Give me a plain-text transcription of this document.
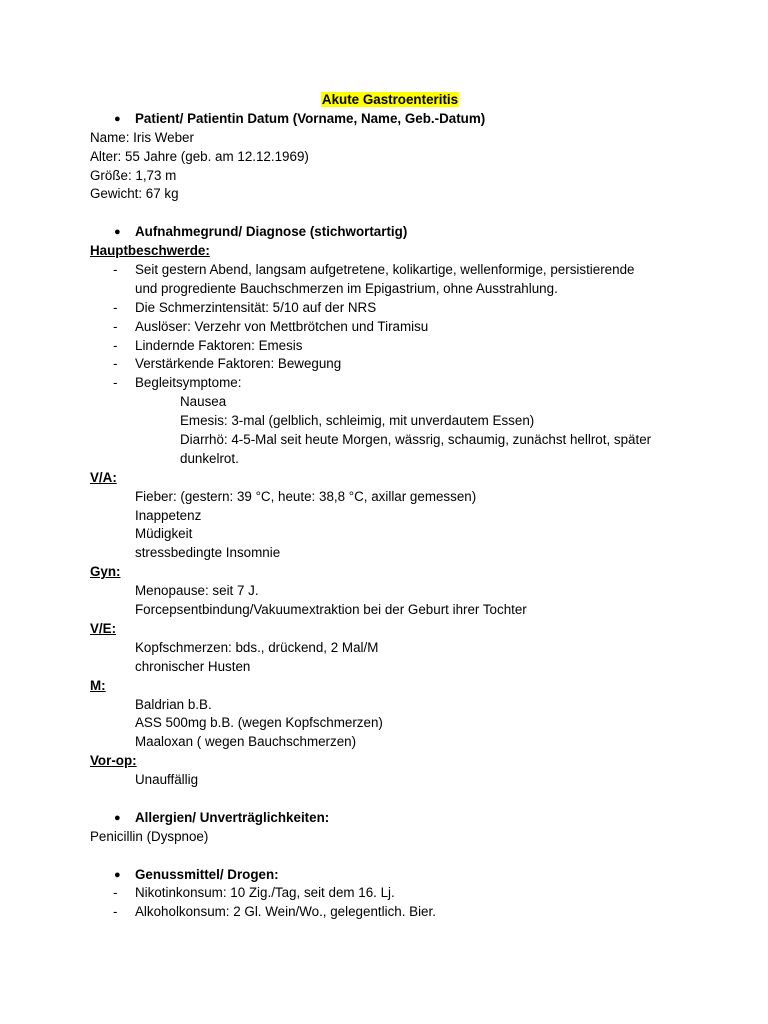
Akute Gastroenteritis
● Patient/ Patientin Datum (Vorname, Name, Geb.-Datum)
Name: Iris Weber
Alter: 55 Jahre (geb. am 12.12.1969)
Größe: 1,73 m
Gewicht: 67 kg
● Aufnahmegrund/ Diagnose (stichwortartig)
Hauptbeschwerde:
- Seit gestern Abend, langsam aufgetretene, kolikartige, wellenformige, persistierende
und progrediente Bauchschmerzen im Epigastrium, ohne Ausstrahlung.
- Die Schmerzintensität: 5/10 auf der NRS
- Auslöser: Verzehr von Mettbrötchen und Tiramisu
- Lindernde Faktoren: Emesis
- Verstärkende Faktoren: Bewegung
- Begleitsymptome:
Nausea
Emesis: 3-mal (gelblich, schleimig, mit unverdautem Essen)
Diarrhö: 4-5-Mal seit heute Morgen, wässrig, schaumig, zunächst hellrot, später
dunkelrot.
V/A:
Fieber: (gestern: 39 °C, heute: 38,8 °C, axillar gemessen)
Inappetenz
Müdigkeit
stressbedingte Insomnie
Gyn:
Menopause: seit 7 J.
Forcepsentbindung/Vakuumextraktion bei der Geburt ihrer Tochter
V/E:
Kopfschmerzen: bds., drückend, 2 Mal/M
chronischer Husten
M:
Baldrian b.B.
ASS 500mg b.B. (wegen Kopfschmerzen)
Maaloxan ( wegen Bauchschmerzen)
Vor-op:
Unauffällig
● Allergien/ Unverträglichkeiten:
Penicillin (Dyspnoe)
● Genussmittel/ Drogen:
- Nikotinkonsum: 10 Zig./Tag, seit dem 16. Lj.
- Alkoholkonsum: 2 Gl. Wein/Wo., gelegentlich. Bier.
